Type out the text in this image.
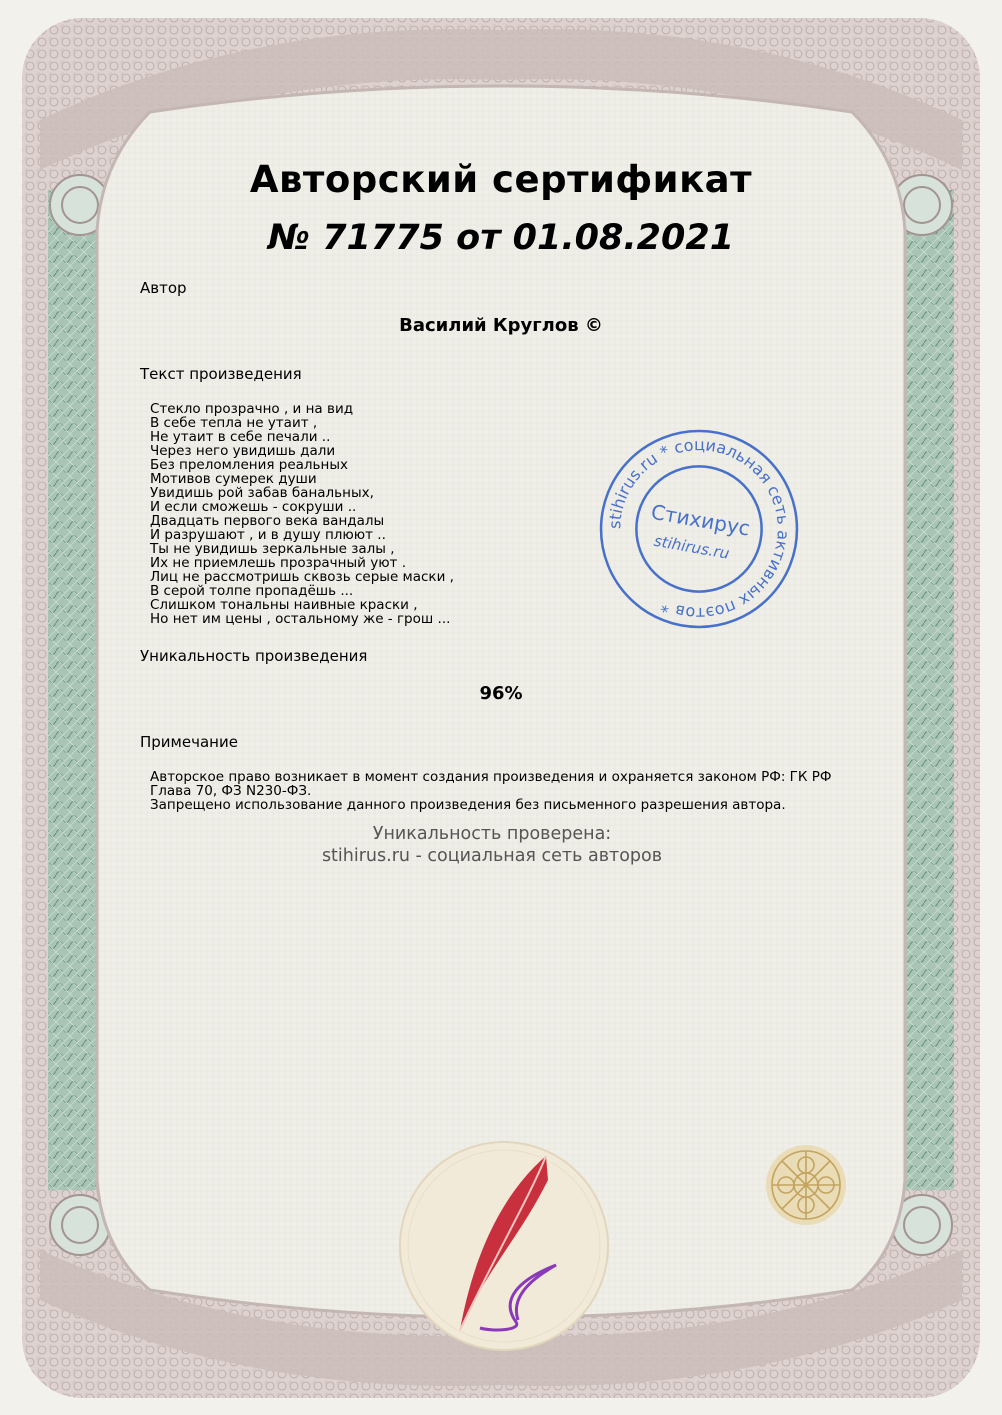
Авторский сертификат
№ 71775 от 01.08.2021
Автор
Василий Круглов ©
Текст произведения
Стекло прозрачно , и на вид
В себе тепла не утаит ,
Не утаит в себе печали ..
Через него увидишь дали
Без преломления реальных
Мотивов сумерек души
Увидишь рой забав банальных,
И если сможешь - сокруши ..
Двадцать первого века вандалы
И разрушают , и в душу плюют ..
Ты не увидишь зеркальные залы ,
Их не приемлешь прозрачный уют .
Лиц не рассмотришь сквозь серые маски ,
В серой толпе пропадёшь ...
Слишком тональны наивные краски ,
Но нет им цены , остальному же - грош ...
Уникальность произведения
96%
Примечание
Авторское право возникает в момент создания произведения и охраняется законом РФ: ГК РФ Глава 70, ФЗ N230-ФЗ.
Запрещено использование данного произведения без письменного разрешения автора.
Уникальность проверена:
stihirus.ru - социальная сеть авторов
stihirus.ru * социальная сеть активных поэтов *
Стихирус
stihirus.ru
